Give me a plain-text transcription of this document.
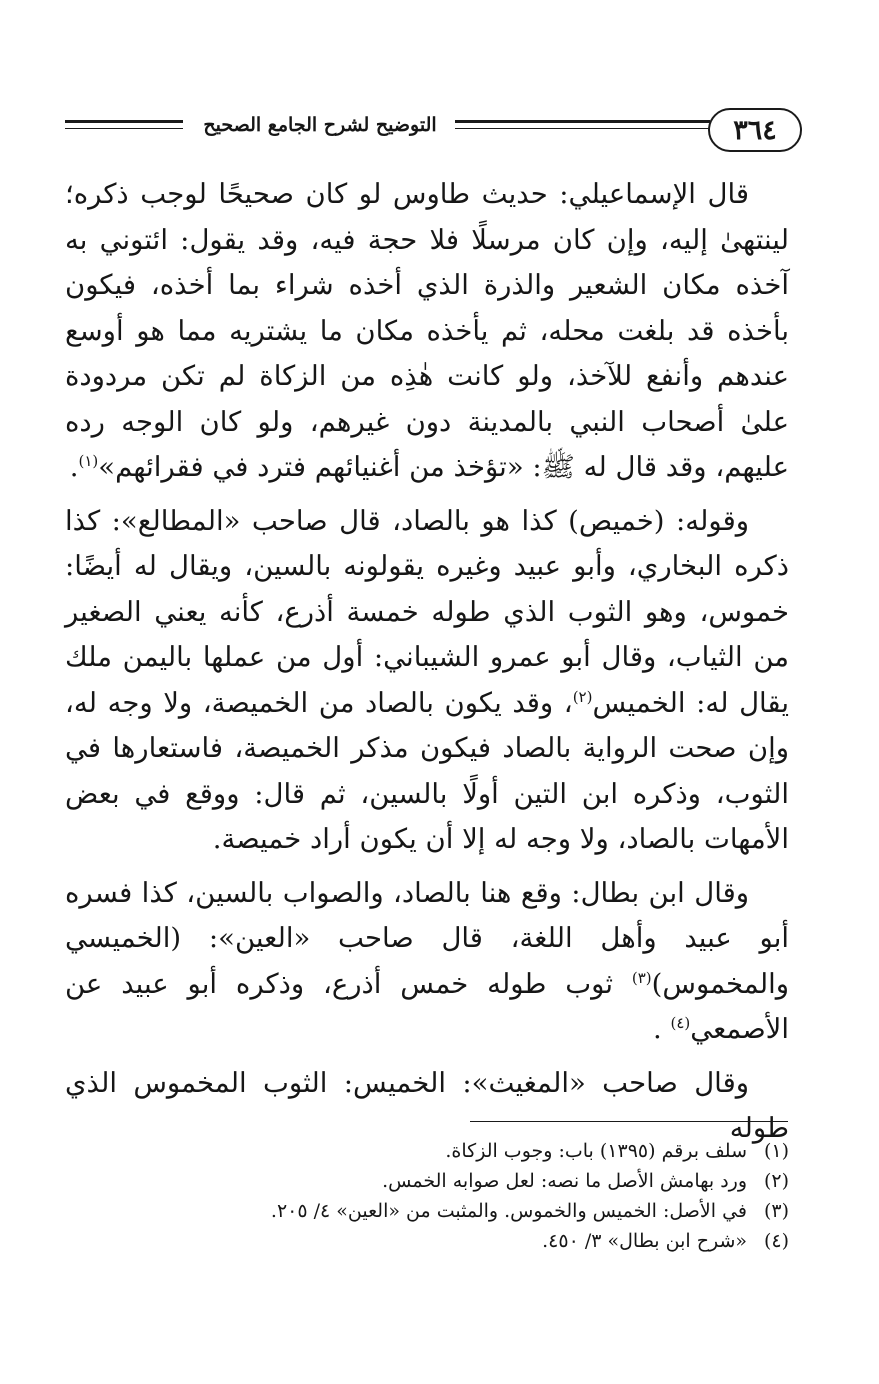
٣٦٤
التوضيح لشرح الجامع الصحيح

قال الإسماعيلي: حديث طاوس لو كان صحيحًا لوجب ذكره؛ لينتهىٰ إليه، وإن كان مرسلًا فلا حجة فيه، وقد يقول: ائتوني به آخذه مكان الشعير والذرة الذي أخذه شراء بما أخذه، فيكون بأخذه قد بلغت محله، ثم يأخذه مكان ما يشتريه مما هو أوسع عندهم وأنفع للآخذ، ولو كانت هٰذِه من الزكاة لم تكن مردودة علىٰ أصحاب النبي بالمدينة دون غيرهم، ولو كان الوجه رده عليهم، وقد قال له ﷺ: «تؤخذ من أغنيائهم فترد في فقرائهم»$^{(١)}$.

وقوله: (خميص) كذا هو بالصاد، قال صاحب «المطالع»: كذا ذكره البخاري، وأبو عبيد وغيره يقولونه بالسين، ويقال له أيضًا: خموس، وهو الثوب الذي طوله خمسة أذرع، كأنه يعني الصغير من الثياب، وقال أبو عمرو الشيباني: أول من عملها باليمن ملك يقال له: الخميس$^{(٢)}$، وقد يكون بالصاد من الخميصة، ولا وجه له، وإن صحت الرواية بالصاد فيكون مذكر الخميصة، فاستعارها في الثوب، وذكره ابن التين أولًا بالسين، ثم قال: ووقع في بعض الأمهات بالصاد، ولا وجه له إلا أن يكون أراد خميصة.

وقال ابن بطال: وقع هنا بالصاد، والصواب بالسين، كذا فسره أبو عبيد وأهل اللغة، قال صاحب «العين»: (الخميسي والمخموس)$^{(٣)}$ ثوب طوله خمس أذرع، وذكره أبو عبيد عن الأصمعي$^{(٤)}$ .

وقال صاحب «المغيث»: الخميس: الثوب المخموس الذي طوله

(١)
سلف برقم (١٣٩٥) باب: وجوب الزكاة.
(٢)
ورد بهامش الأصل ما نصه: لعل صوابه الخمس.
(٣)
في الأصل: الخميس والخموس. والمثبت من «العين» ٤/ ٢٠٥.
(٤)
«شرح ابن بطال» ٣/ ٤٥٠.
